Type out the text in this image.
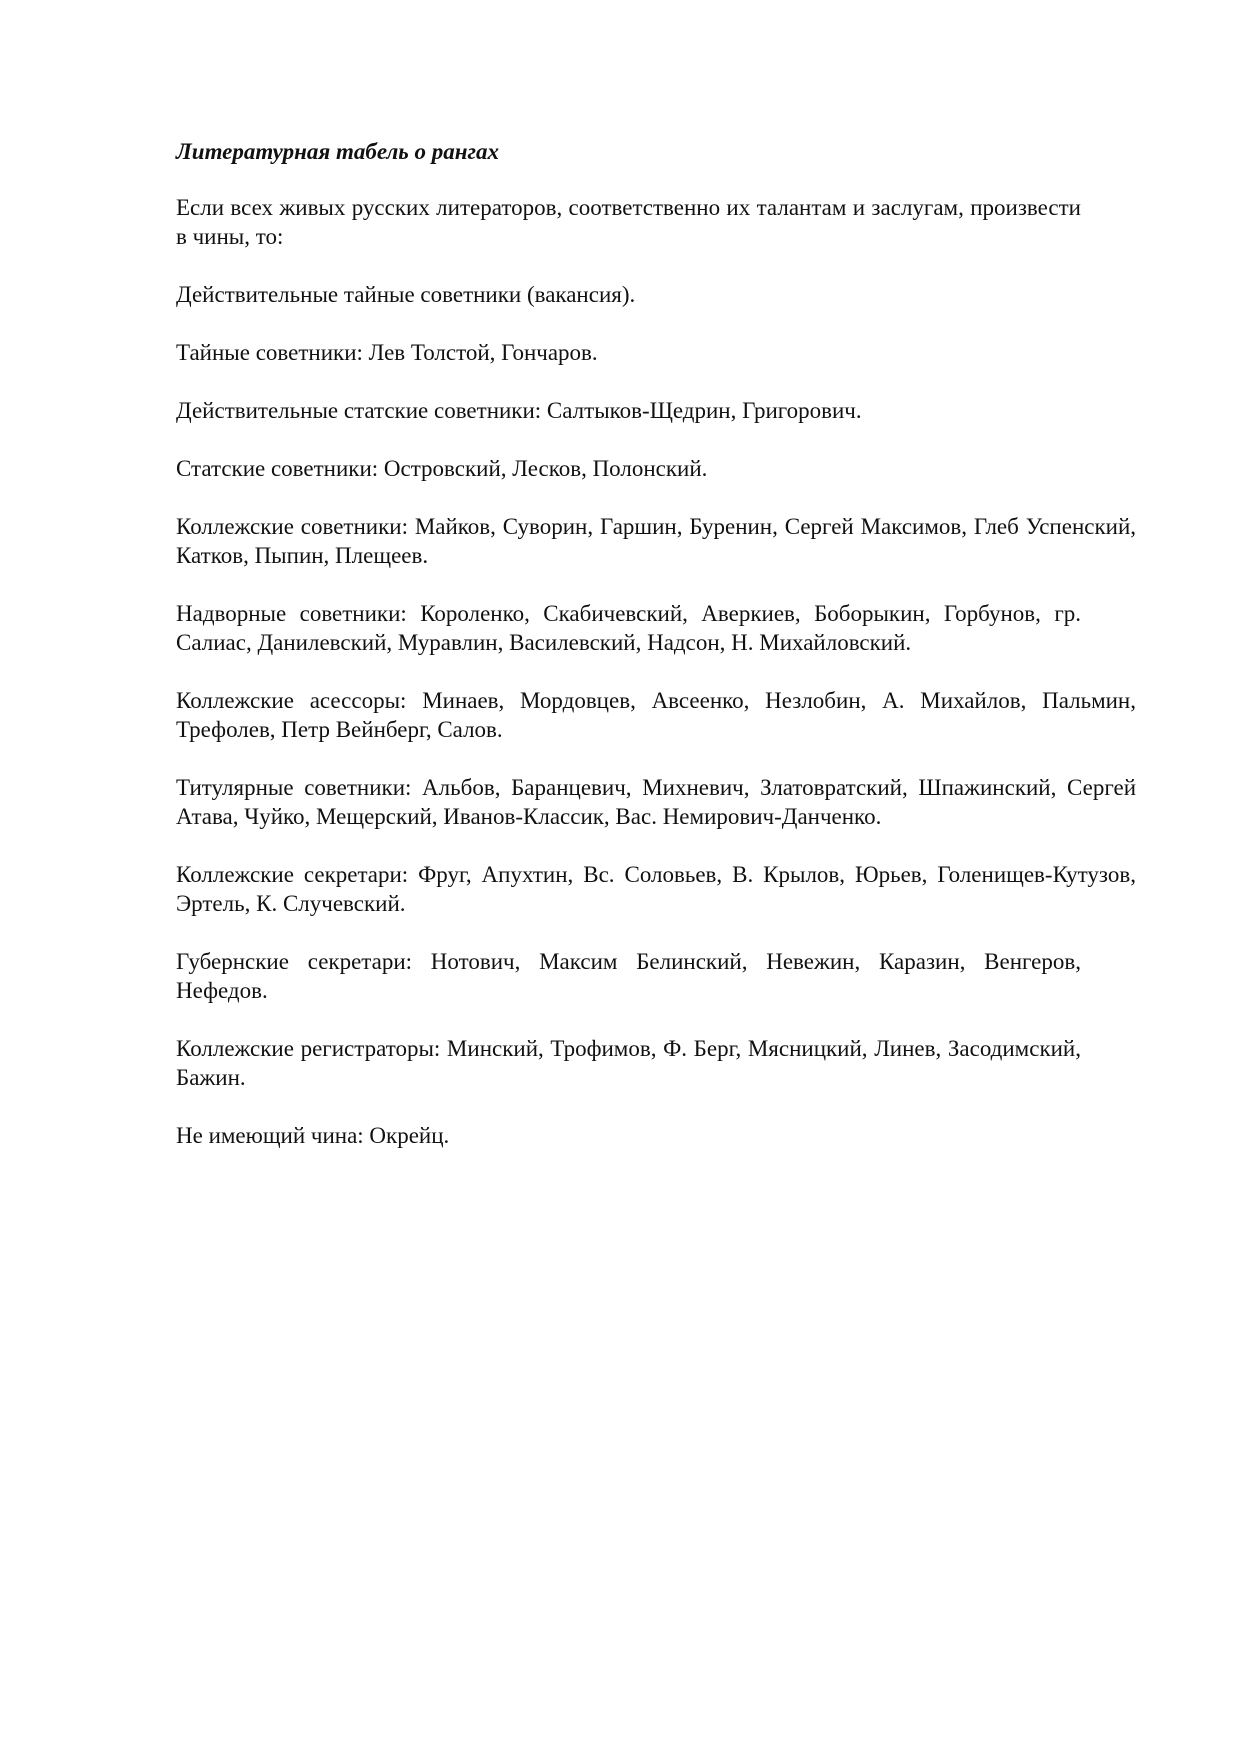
Литературная табель о рангах
Если всех живых русских литераторов, соответственно их талантам и заслугам, произвести в чины, то:
Действительные тайные советники (вакансия).
Тайные советники: Лев Толстой, Гончаров.
Действительные статские советники: Салтыков-Щедрин, Григорович.
Статские советники: Островский, Лесков, Полонский.
Коллежские советники: Майков, Суворин, Гаршин, Буренин, Сергей Максимов, Глеб Успенский, Катков, Пыпин, Плещеев.
Надворные советники: Короленко, Скабичевский, Аверкиев, Боборыкин, Горбунов, гр. Салиас, Данилевский, Муравлин, Василевский, Надсон, Н. Михайловский.
Коллежские асессоры: Минаев, Мордовцев, Авсеенко, Незлобин, А. Михайлов, Пальмин, Трефолев, Петр Вейнберг, Салов.
Титулярные советники: Альбов, Баранцевич, Михневич, Златовратский, Шпажинский, Сергей Атава, Чуйко, Мещерский, Иванов-Классик, Вас. Немирович-Данченко.
Коллежские секретари: Фруг, Апухтин, Вс. Соловьев, В. Крылов, Юрьев, Голенищев-Кутузов, Эртель, К. Случевский.
Губернские секретари: Нотович, Максим Белинский, Невежин, Каразин, Венгеров, Нефедов.
Коллежские регистраторы: Минский, Трофимов, Ф. Берг, Мясницкий, Линев, Засодимский, Бажин.
Не имеющий чина: Окрейц.
